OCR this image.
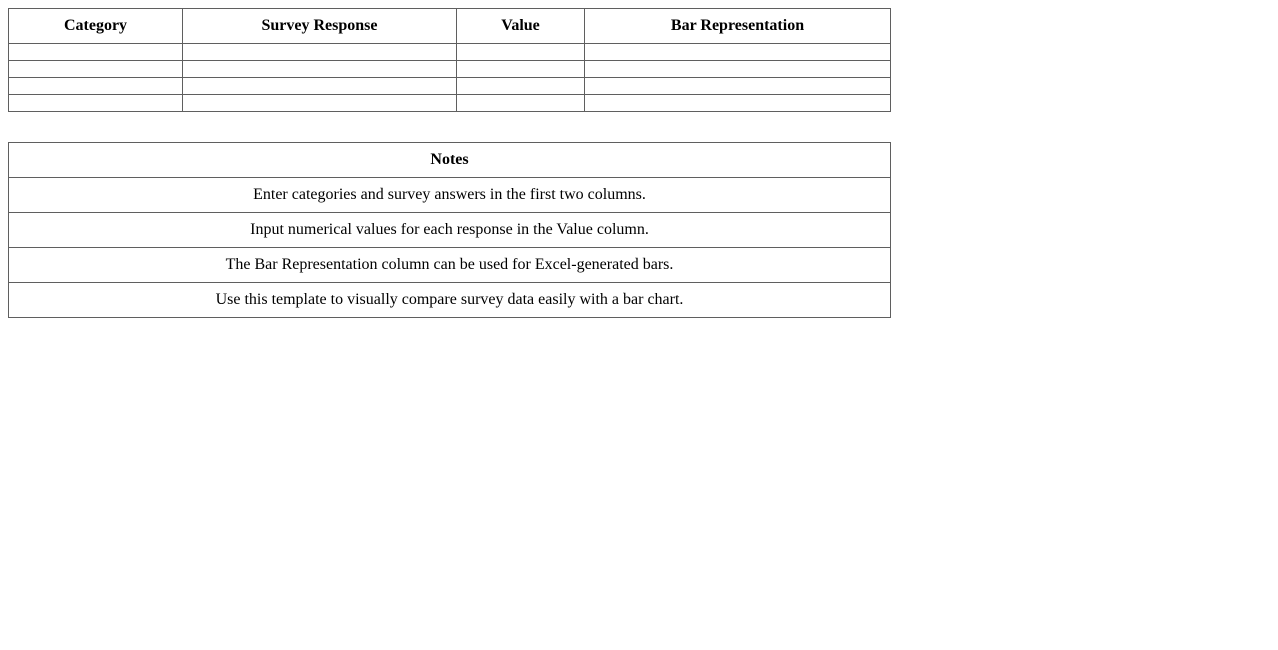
Category	Survey Response	Value	Bar Representation

Notes
Enter categories and survey answers in the first two columns.
Input numerical values for each response in the Value column.
The Bar Representation column can be used for Excel-generated bars.
Use this template to visually compare survey data easily with a bar chart.
